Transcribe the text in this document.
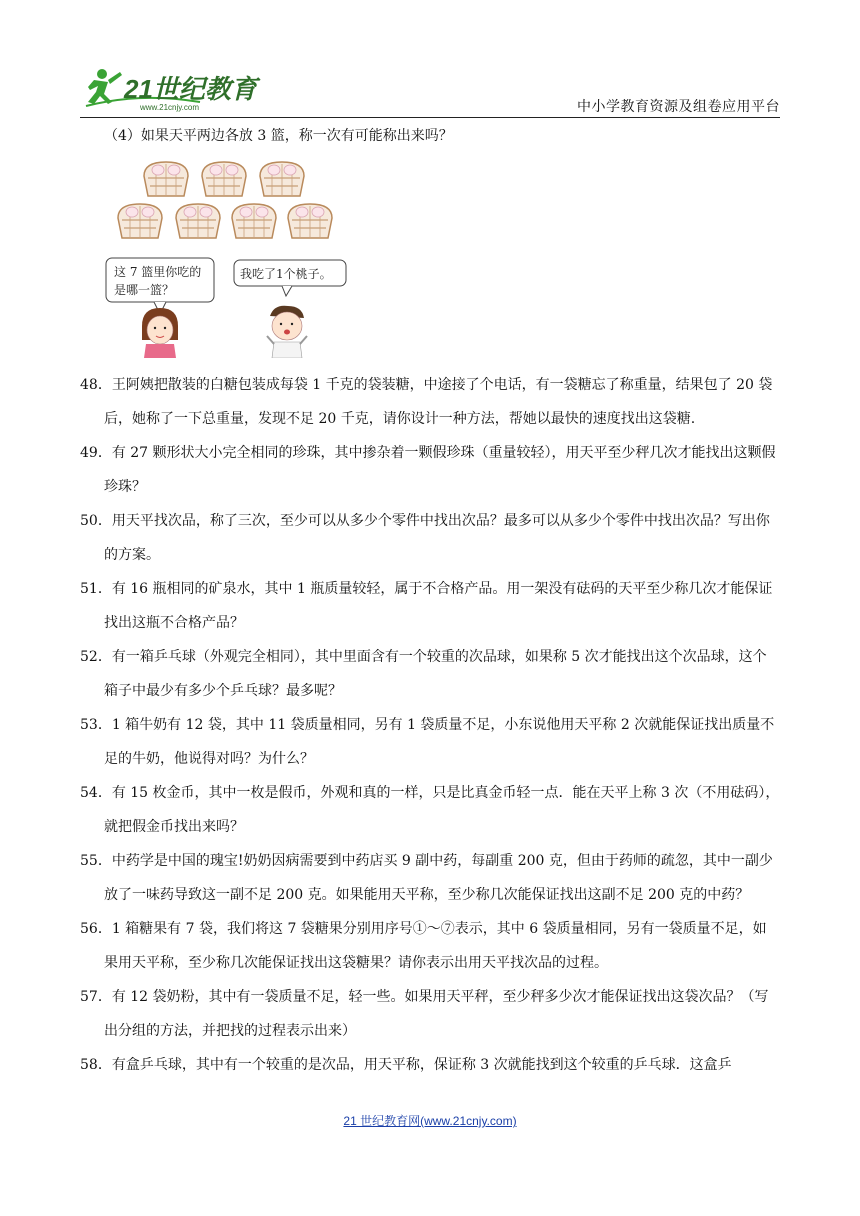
21世纪教育
www.21cnjy.com	中小学教育资源及组卷应用平台

（4）如果天平两边各放 3 篮，称一次有可能称出来吗？

这 7 篮里你吃的
是哪一篮？
我吃了1个桃子。

48．王阿姨把散装的白糖包装成每袋 1 千克的袋装糖，中途接了个电话，有一袋糖忘了称重量，结果包了 20 袋后，她称了一下总重量，发现不足 20 千克，请你设计一种方法，帮她以最快的速度找出这袋糖.

49．有 27 颗形状大小完全相同的珍珠，其中掺杂着一颗假珍珠（重量较轻），用天平至少秤几次才能找出这颗假珍珠？

50．用天平找次品，称了三次，至少可以从多少个零件中找出次品？最多可以从多少个零件中找出次品？写出你的方案。

51．有 16 瓶相同的矿泉水，其中 1 瓶质量较轻，属于不合格产品。用一架没有砝码的天平至少称几次才能保证找出这瓶不合格产品？

52．有一箱乒乓球（外观完全相同），其中里面含有一个较重的次品球，如果称 5 次才能找出这个次品球，这个箱子中最少有多少个乒乓球？最多呢？

53．1 箱牛奶有 12 袋，其中 11 袋质量相同，另有 1 袋质量不足，小东说他用天平称 2 次就能保证找出质量不足的牛奶，他说得对吗？为什么？

54．有 15 枚金币，其中一枚是假币，外观和真的一样，只是比真金币轻一点．能在天平上称 3 次（不用砝码），就把假金币找出来吗？

55．中药学是中国的瑰宝!奶奶因病需要到中药店买 9 副中药，每副重 200 克，但由于药师的疏忽，其中一副少放了一味药导致这一副不足 200 克。如果能用天平称，至少称几次能保证找出这副不足 200 克的中药？

56．1 箱糖果有 7 袋，我们将这 7 袋糖果分别用序号①～⑦表示，其中 6 袋质量相同，另有一袋质量不足，如果用天平称，至少称几次能保证找出这袋糖果？请你表示出用天平找次品的过程。

57．有 12 袋奶粉，其中有一袋质量不足，轻一些。如果用天平秤，至少秤多少次才能保证找出这袋次品？（写出分组的方法，并把找的过程表示出来）

58．有盒乒乓球，其中有一个较重的是次品，用天平称，保证称 3 次就能找到这个较重的乒乓球．这盒乒

21 世纪教育网(www.21cnjy.com)
